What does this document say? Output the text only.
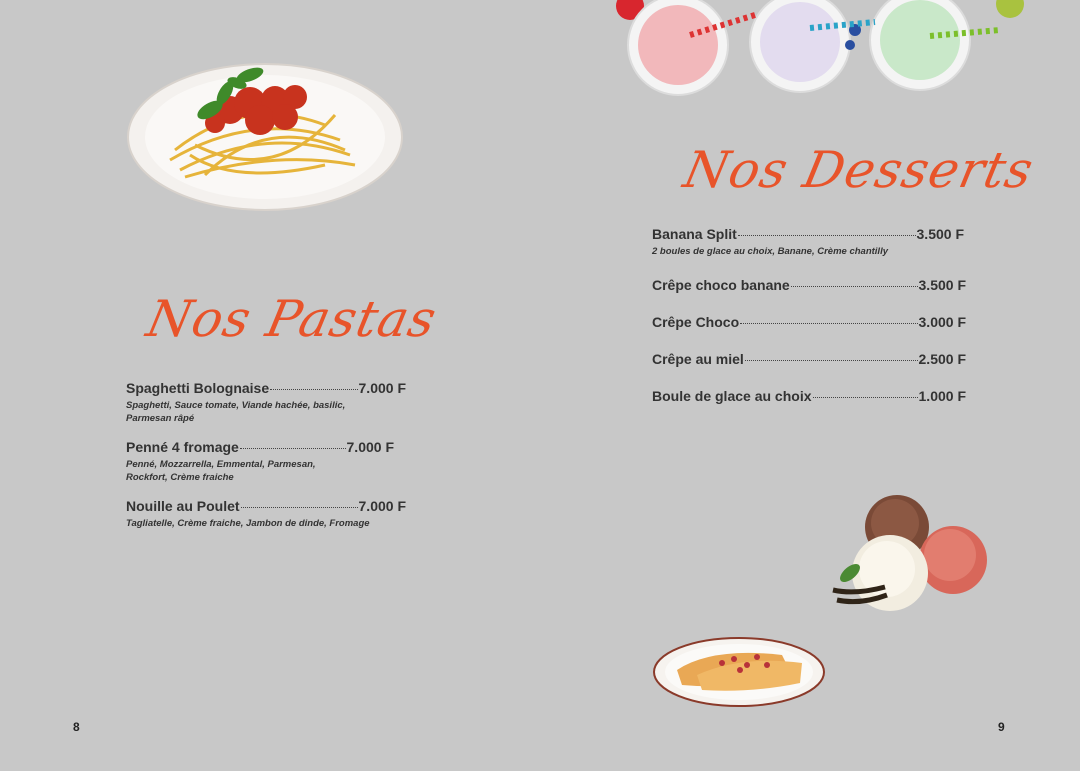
Nos Pastas
Spaghetti Bolognaise	7.000 F
Spaghetti, Sauce tomate, Viande hachée, basilic, Parmesan râpé
Penné 4 fromage	7.000 F
Penné, Mozzarrella, Emmental, Parmesan, Rockfort, Crème fraiche
Nouille au Poulet	7.000 F
Tagliatelle, Crème fraiche, Jambon de dinde, Fromage
8
Nos Desserts
Banana Split	3.500 F
2 boules de glace au choix, Banane, Crème chantilly
Crêpe choco banane	3.500 F
Crêpe Choco	3.000 F
Crêpe au miel	2.500 F
Boule de glace au choix	1.000 F
9
